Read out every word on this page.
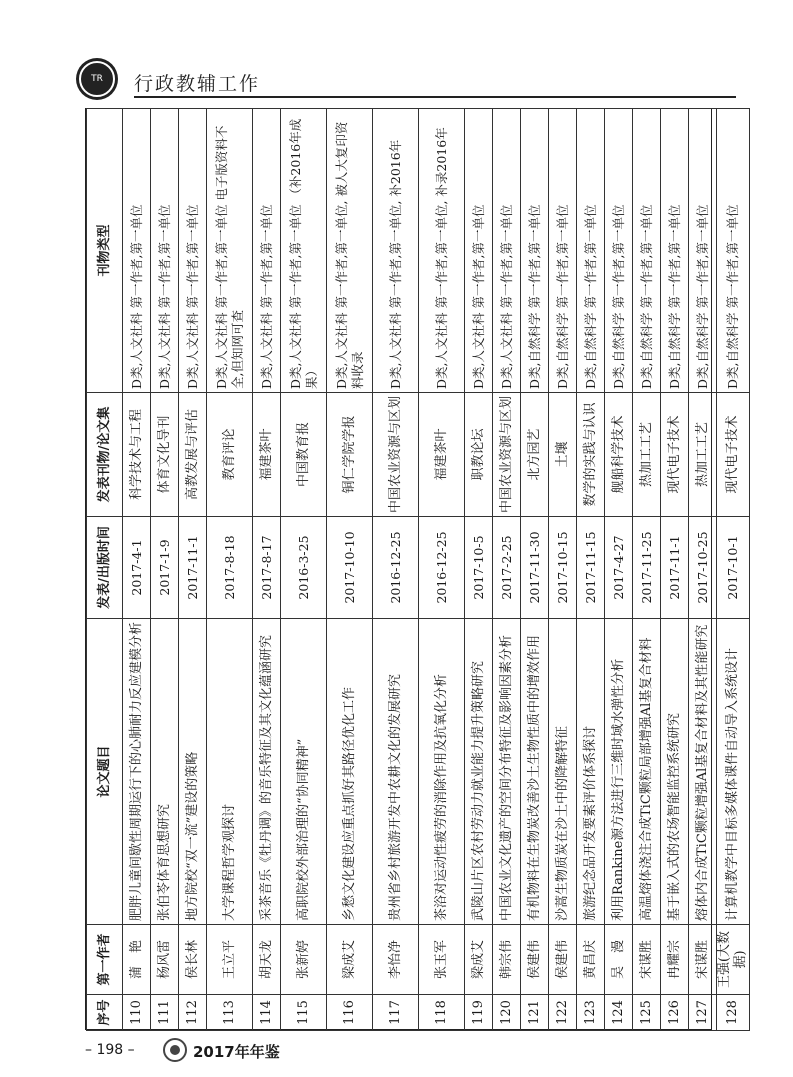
TR	行政教辅工作
序号	第一作者	论文题目	发表/出版时间	发表刊物/论文集	刊物类型
110	蒲　艳	肥胖儿童间歇性周期运行下的心肺耐力反应建模分析	2017-4-1	科学技术与工程	D类,人文社科 第一作者,第一单位
111	杨风雷	张伯苓体育思想研究	2017-1-9	体育文化导刊	D类,人文社科 第一作者,第一单位
112	侯长林	地方院校“双一流”建设的策略	2017-11-1	高教发展与评估	D类,人文社科 第一作者,第一单位
113	王立平	大学课程哲学观探讨	2017-8-18	教育评论	D类,人文社科 第一作者,第一单位 电子版资料不全,但知网可查
114	胡天龙	采茶音乐《牡丹调》的音乐特征及其文化蕴涵研究	2017-8-17	福建茶叶	D类,人文社科 第一作者,第一单位
115	张新婷	高职院校外部治理的“协同精神”	2016-3-25	中国教育报	D类,人文社科 第一作者,第一单位 （补2016年成果）
116	梁成艾	乡愁文化建设应重点抓好其路径优化工作	2017-10-10	铜仁学院学报	D类,人文社科 第一作者,第一单位, 被人大复印资料收录
117	李怡净	贵州省乡村旅游开发中农耕文化的发展研究	2016-12-25	中国农业资源与区划	D类,人文社科 第一作者,第一单位, 补2016年
118	张玉军	茶浴对运动性疲劳的消除作用及抗氧化分析	2016-12-25	福建茶叶	D类,人文社科 第一作者,第一单位, 补录2016年
119	梁成艾	武陵山片区农村劳动力就业能力提升策略研究	2017-10-5	职教论坛	D类,人文社科 第一作者,第一单位
120	韩宗伟	中国农业文化遗产的空间分布特征及影响因素分析	2017-2-25	中国农业资源与区划	D类,人文社科 第一作者,第一单位
121	侯建伟	有机物料在生物炭改善沙土生物性质中的增效作用	2017-11-30	北方园艺	D类,自然科学 第一作者,第一单位
122	侯建伟	沙蒿生物质炭在沙土中的降解特征	2017-10-15	土壤	D类,自然科学 第一作者,第一单位
123	黄昌庆	旅游纪念品开发要素评价体系探讨	2017-11-15	数学的实践与认识	D类,自然科学 第一作者,第一单位
124	吴　漫	利用Rankine源方法进行三维时域水弹性分析	2017-4-27	舰船科学技术	D类,自然科学 第一作者,第一单位
125	宋谋胜	高温熔体浇注合成TiC颗粒局部增强Al基复合材料	2017-11-25	热加工工艺	D类,自然科学 第一作者,第一单位
126	冉耀宗	基于嵌入式的农场智能监控系统研究	2017-11-1	现代电子技术	D类,自然科学 第一作者,第一单位
127	宋谋胜	熔体内合成TiC颗粒增强Al基复合材料及其性能研究	2017-10-25	热加工工艺	D类,自然科学 第一作者,第一单位
128	王强(大数据)	计算机教学中目标多媒体课件自动导入系统设计	2017-10-1	现代电子技术	D类,自然科学 第一作者,第一单位
– 198 –	2017年年鉴
